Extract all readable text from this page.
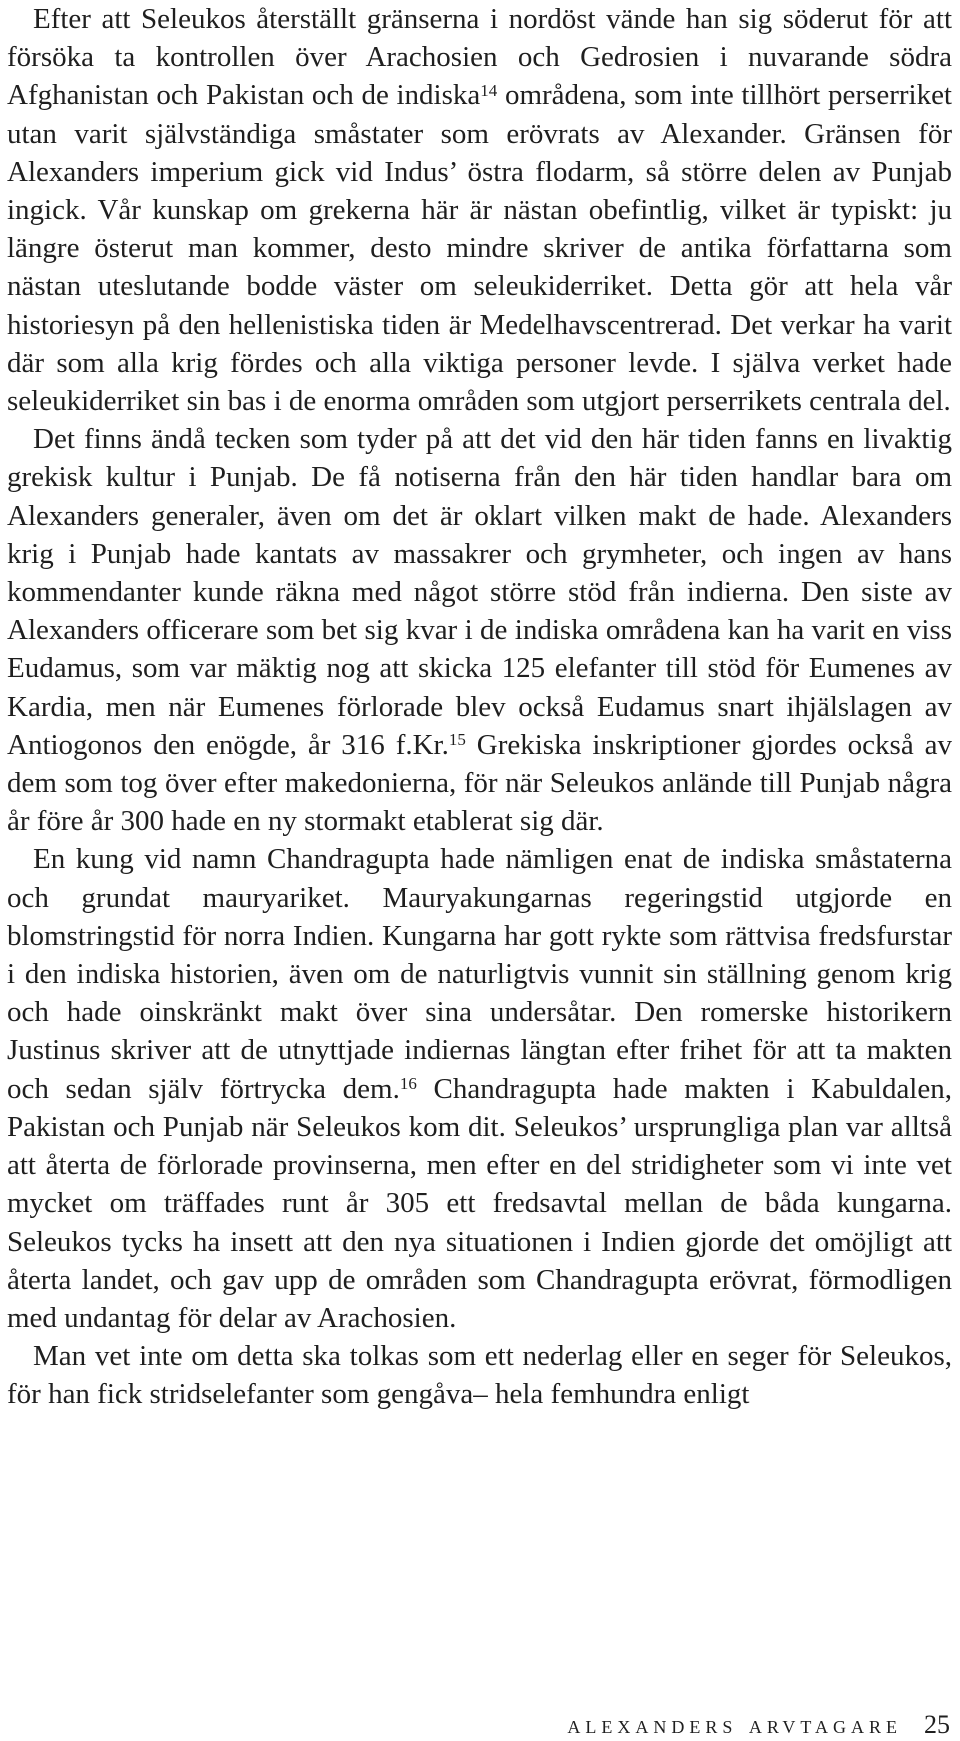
Efter att Seleukos återställt gränserna i nordöst vände han sig söderut för att försöka ta kontrollen över Arachosien och Gedrosien i nuvarande södra Afghanistan och Pakistan och de indiska$^{14}$ områdena, som inte tillhört perserriket utan varit självständiga småstater som erövrats av Alexander. Gränsen för Alexanders imperium gick vid Indus’ östra flodarm, så större delen av Punjab ingick. Vår kunskap om grekerna här är nästan obefintlig, vilket är typiskt: ju längre österut man kommer, desto mindre skriver de antika författarna som nästan uteslutande bodde väster om seleukiderriket. Detta gör att hela vår historiesyn på den hellenistiska tiden är Medelhavscentrerad. Det verkar ha varit där som alla krig fördes och alla viktiga personer levde. I själva verket hade seleukiderriket sin bas i de enorma områden som utgjort perserrikets centrala del.

Det finns ändå tecken som tyder på att det vid den här tiden fanns en livaktig grekisk kultur i Punjab. De få notiserna från den här tiden handlar bara om Alexanders generaler, även om det är oklart vilken makt de hade. Alexanders krig i Punjab hade kantats av massakrer och grymheter, och ingen av hans kommendanter kunde räkna med något större stöd från indierna. Den siste av Alexanders officerare som bet sig kvar i de indiska områdena kan ha varit en viss Eudamus, som var mäktig nog att skicka 125 elefanter till stöd för Eumenes av Kardia, men när Eumenes förlorade blev också Eudamus snart ihjälslagen av Antiogonos den enögde, år 316 f.Kr.$^{15}$ Grekiska inskriptioner gjordes också av dem som tog över efter makedonierna, för när Seleukos anlände till Punjab några år före år 300 hade en ny stormakt etablerat sig där.

En kung vid namn Chandragupta hade nämligen enat de indiska småstaterna och grundat mauryariket. Mauryakungarnas regeringstid utgjorde en blomstringstid för norra Indien. Kungarna har gott rykte som rättvisa fredsfurstar i den indiska historien, även om de naturligtvis vunnit sin ställning genom krig och hade oinskränkt makt över sina undersåtar. Den romerske historikern Justinus skriver att de utnyttjade indiernas längtan efter frihet för att ta makten och sedan själv förtrycka dem.$^{16}$ Chandragupta hade makten i Kabuldalen, Pakistan och Punjab när Seleukos kom dit. Seleukos’ ursprungliga plan var alltså att återta de förlorade provinserna, men efter en del stridigheter som vi inte vet mycket om träffades runt år 305 ett fredsavtal mellan de båda kungarna. Seleukos tycks ha insett att den nya situationen i Indien gjorde det omöjligt att återta landet, och gav upp de områden som Chandragupta erövrat, förmodligen med undantag för delar av Arachosien.

Man vet inte om detta ska tolkas som ett nederlag eller en seger för Seleukos, för han fick stridselefanter som gengåva– hela femhundra enligt

alexanders arvtagare 25
